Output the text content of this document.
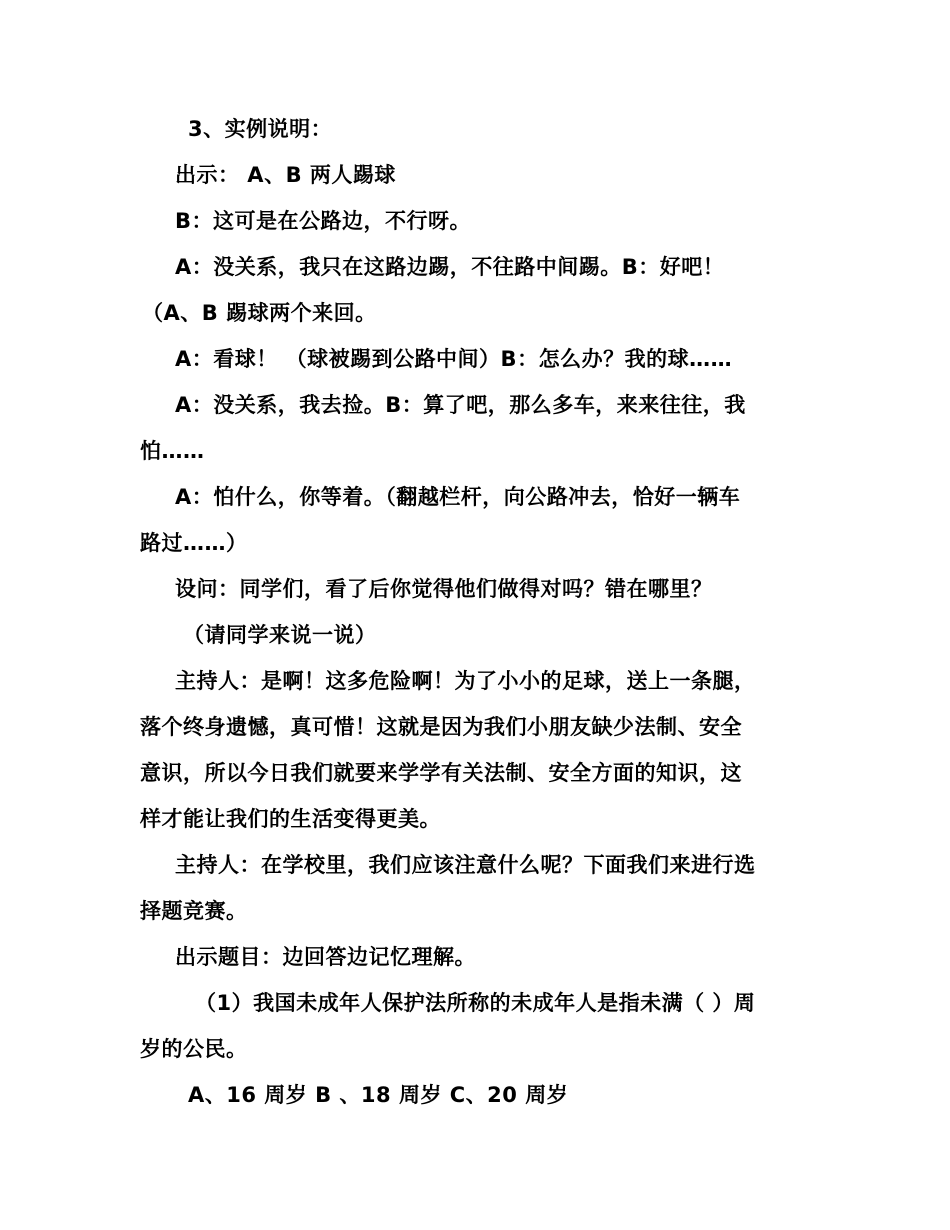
3、实例说明：
出示： A、B 两人踢球
B：这可是在公路边，不行呀。
A：没关系，我只在这路边踢，不往路中间踢。B：好吧！
（A、B 踢球两个来回。
A：看球！ （球被踢到公路中间）B：怎么办？我的球……
A：没关系，我去捡。B：算了吧，那么多车，来来往往，我
怕……
A：怕什么，你等着。（翻越栏杆，向公路冲去，恰好一辆车
路过……）
设问：同学们，看了后你觉得他们做得对吗？错在哪里？
（请同学来说一说）
主持人：是啊！这多危险啊！为了小小的足球，送上一条腿，
落个终身遗憾，真可惜！这就是因为我们小朋友缺少法制、安全
意识，所以今日我们就要来学学有关法制、安全方面的知识，这
样才能让我们的生活变得更美。
主持人：在学校里，我们应该注意什么呢？下面我们来进行选
择题竞赛。
出示题目：边回答边记忆理解。
（1）我国未成年人保护法所称的未成年人是指未满（ ）周
岁的公民。
A、16 周岁 B 、18 周岁 C、20 周岁
